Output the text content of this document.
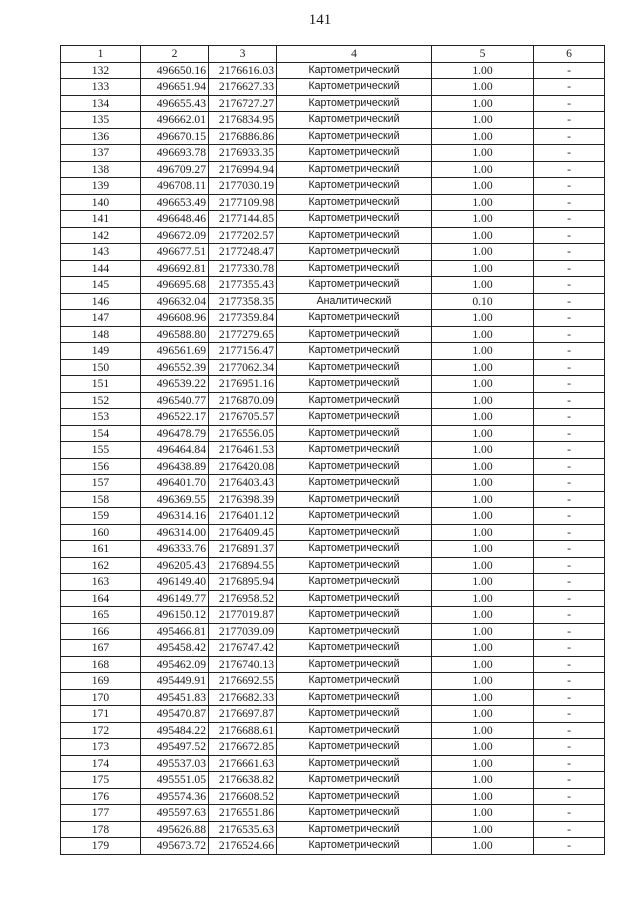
141
1	2	3	4	5	6
132	496650.16	2176616.03	Картометрический	1.00	-
133	496651.94	2176627.33	Картометрический	1.00	-
134	496655.43	2176727.27	Картометрический	1.00	-
135	496662.01	2176834.95	Картометрический	1.00	-
136	496670.15	2176886.86	Картометрический	1.00	-
137	496693.78	2176933.35	Картометрический	1.00	-
138	496709.27	2176994.94	Картометрический	1.00	-
139	496708.11	2177030.19	Картометрический	1.00	-
140	496653.49	2177109.98	Картометрический	1.00	-
141	496648.46	2177144.85	Картометрический	1.00	-
142	496672.09	2177202.57	Картометрический	1.00	-
143	496677.51	2177248.47	Картометрический	1.00	-
144	496692.81	2177330.78	Картометрический	1.00	-
145	496695.68	2177355.43	Картометрический	1.00	-
146	496632.04	2177358.35	Аналитический	0.10	-
147	496608.96	2177359.84	Картометрический	1.00	-
148	496588.80	2177279.65	Картометрический	1.00	-
149	496561.69	2177156.47	Картометрический	1.00	-
150	496552.39	2177062.34	Картометрический	1.00	-
151	496539.22	2176951.16	Картометрический	1.00	-
152	496540.77	2176870.09	Картометрический	1.00	-
153	496522.17	2176705.57	Картометрический	1.00	-
154	496478.79	2176556.05	Картометрический	1.00	-
155	496464.84	2176461.53	Картометрический	1.00	-
156	496438.89	2176420.08	Картометрический	1.00	-
157	496401.70	2176403.43	Картометрический	1.00	-
158	496369.55	2176398.39	Картометрический	1.00	-
159	496314.16	2176401.12	Картометрический	1.00	-
160	496314.00	2176409.45	Картометрический	1.00	-
161	496333.76	2176891.37	Картометрический	1.00	-
162	496205.43	2176894.55	Картометрический	1.00	-
163	496149.40	2176895.94	Картометрический	1.00	-
164	496149.77	2176958.52	Картометрический	1.00	-
165	496150.12	2177019.87	Картометрический	1.00	-
166	495466.81	2177039.09	Картометрический	1.00	-
167	495458.42	2176747.42	Картометрический	1.00	-
168	495462.09	2176740.13	Картометрический	1.00	-
169	495449.91	2176692.55	Картометрический	1.00	-
170	495451.83	2176682.33	Картометрический	1.00	-
171	495470.87	2176697.87	Картометрический	1.00	-
172	495484.22	2176688.61	Картометрический	1.00	-
173	495497.52	2176672.85	Картометрический	1.00	-
174	495537.03	2176661.63	Картометрический	1.00	-
175	495551.05	2176638.82	Картометрический	1.00	-
176	495574.36	2176608.52	Картометрический	1.00	-
177	495597.63	2176551.86	Картометрический	1.00	-
178	495626.88	2176535.63	Картометрический	1.00	-
179	495673.72	2176524.66	Картометрический	1.00	-
